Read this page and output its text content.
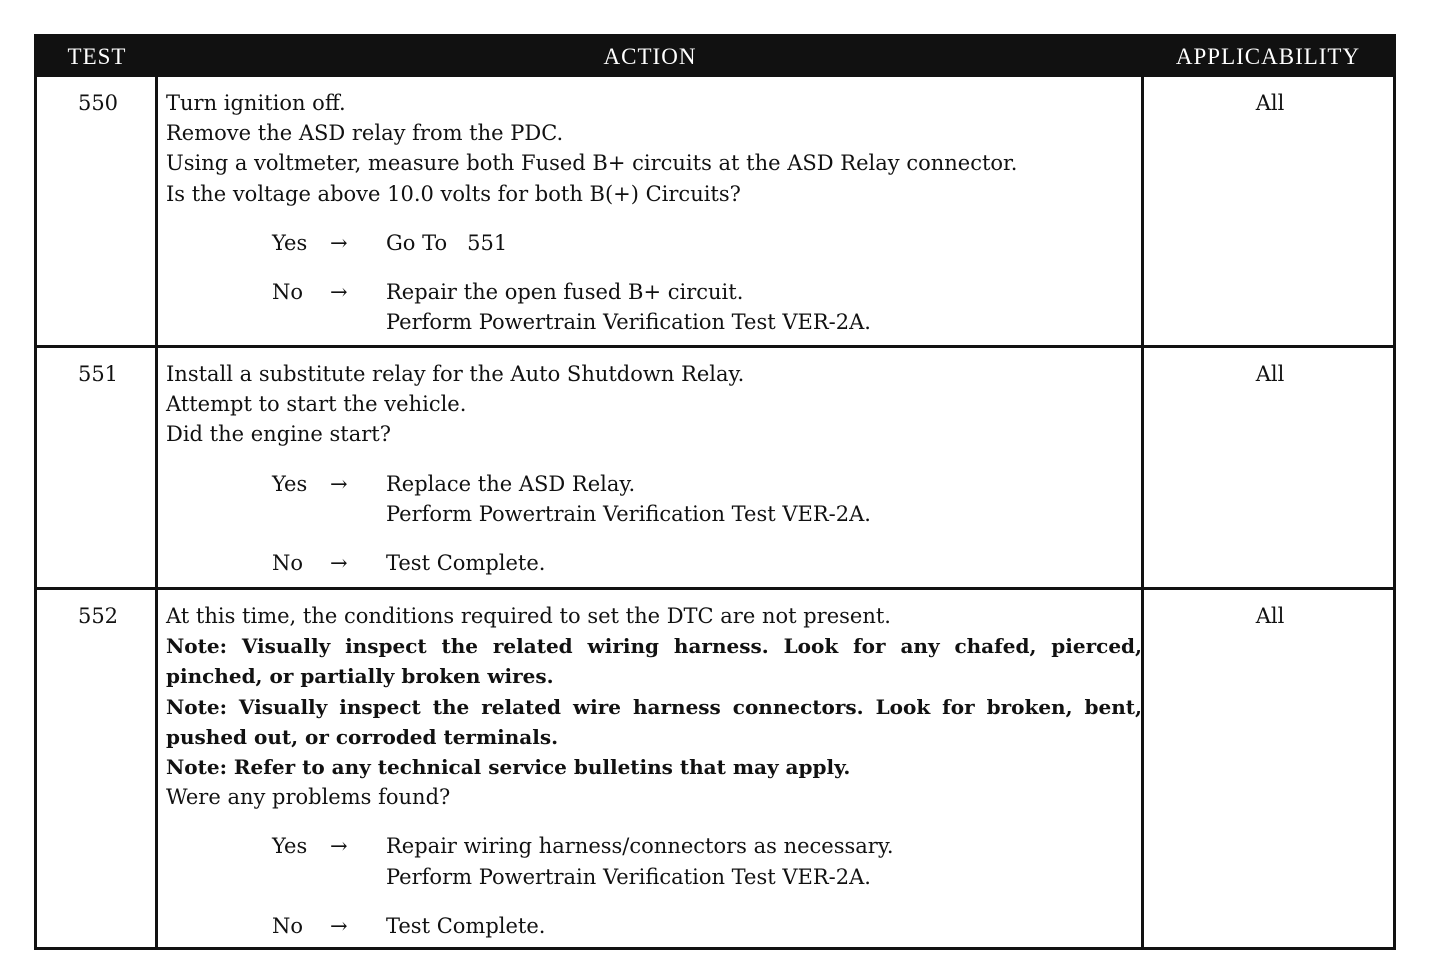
TEST	ACTION	APPLICABILITY
550	Turn ignition off.
Remove the ASD relay from the PDC.
Using a voltmeter, measure both Fused B+ circuits at the ASD Relay connector.
Is the voltage above 10.0 volts for both B(+) Circuits?
Yes	→	Go To   551
No	→	Repair the open fused B+ circuit.
Perform Powertrain Verification Test VER-2A.
All
551	Install a substitute relay for the Auto Shutdown Relay.
Attempt to start the vehicle.
Did the engine start?
Yes	→	Replace the ASD Relay.
Perform Powertrain Verification Test VER-2A.
No	→	Test Complete.
All
552	At this time, the conditions required to set the DTC are not present.
Note: Visually inspect the related wiring harness. Look for any chafed, pierced, pinched, or partially broken wires.
Note: Visually inspect the related wire harness connectors. Look for broken, bent, pushed out, or corroded terminals.
Note: Refer to any technical service bulletins that may apply.
Were any problems found?
Yes	→	Repair wiring harness/connectors as necessary.
Perform Powertrain Verification Test VER-2A.
No	→	Test Complete.
All
